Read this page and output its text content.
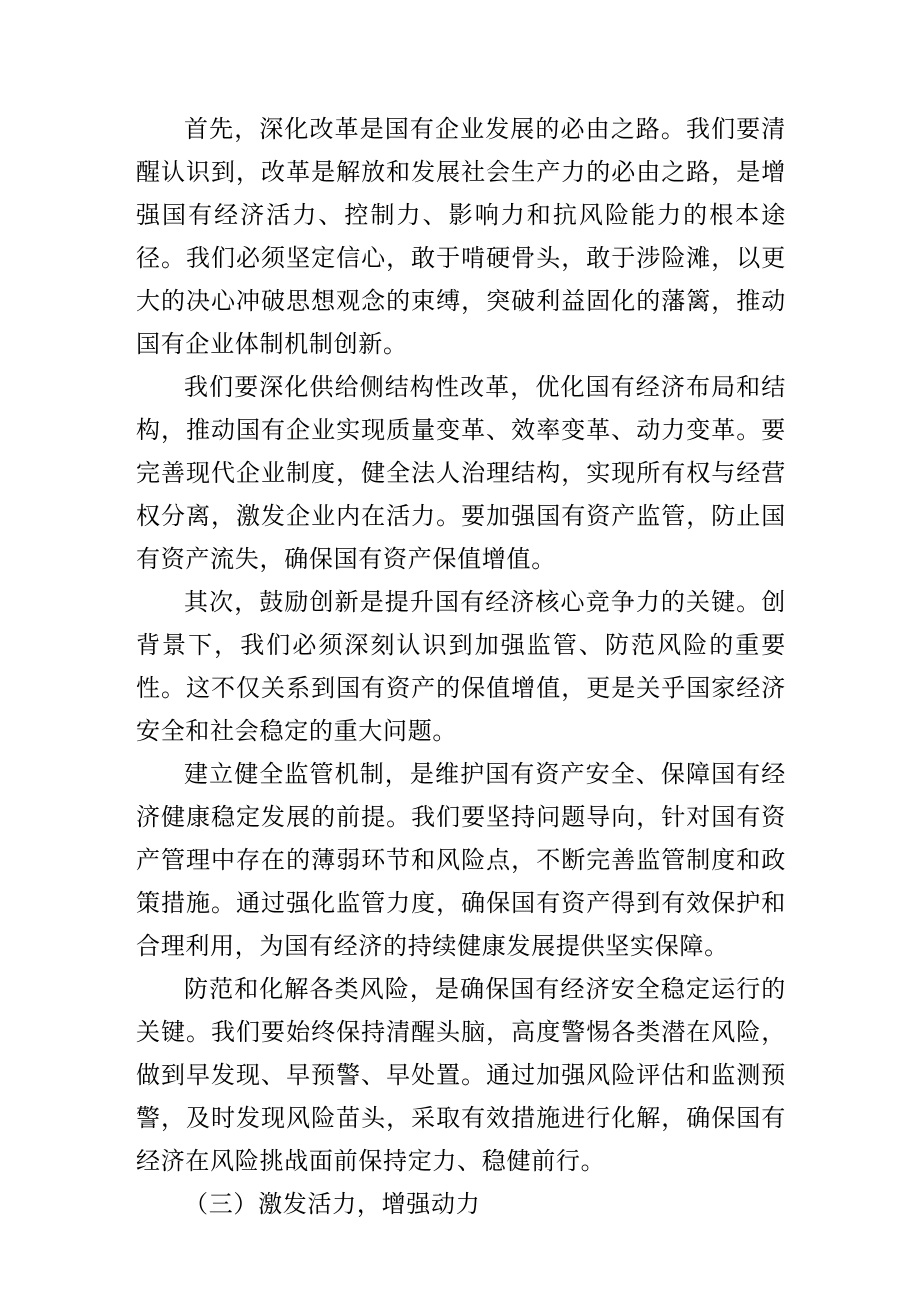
首先，深化改革是国有企业发展的必由之路。我们要清醒认识到，改革是解放和发展社会生产力的必由之路，是增强国有经济活力、控制力、影响力和抗风险能力的根本途径。我们必须坚定信心，敢于啃硬骨头，敢于涉险滩，以更大的决心冲破思想观念的束缚，突破利益固化的藩篱，推动国有企业体制机制创新。

我们要深化供给侧结构性改革，优化国有经济布局和结构，推动国有企业实现质量变革、效率变革、动力变革。要完善现代企业制度，健全法人治理结构，实现所有权与经营权分离，激发企业内在活力。要加强国有资产监管，防止国有资产流失，确保国有资产保值增值。

其次，鼓励创新是提升国有经济核心竞争力的关键。创背景下，我们必须深刻认识到加强监管、防范风险的重要性。这不仅关系到国有资产的保值增值，更是关乎国家经济安全和社会稳定的重大问题。

建立健全监管机制，是维护国有资产安全、保障国有经济健康稳定发展的前提。我们要坚持问题导向，针对国有资产管理中存在的薄弱环节和风险点，不断完善监管制度和政策措施。通过强化监管力度，确保国有资产得到有效保护和合理利用，为国有经济的持续健康发展提供坚实保障。

防范和化解各类风险，是确保国有经济安全稳定运行的关键。我们要始终保持清醒头脑，高度警惕各类潜在风险，做到早发现、早预警、早处置。通过加强风险评估和监测预警，及时发现风险苗头，采取有效措施进行化解，确保国有经济在风险挑战面前保持定力、稳健前行。

（三）激发活力，增强动力
